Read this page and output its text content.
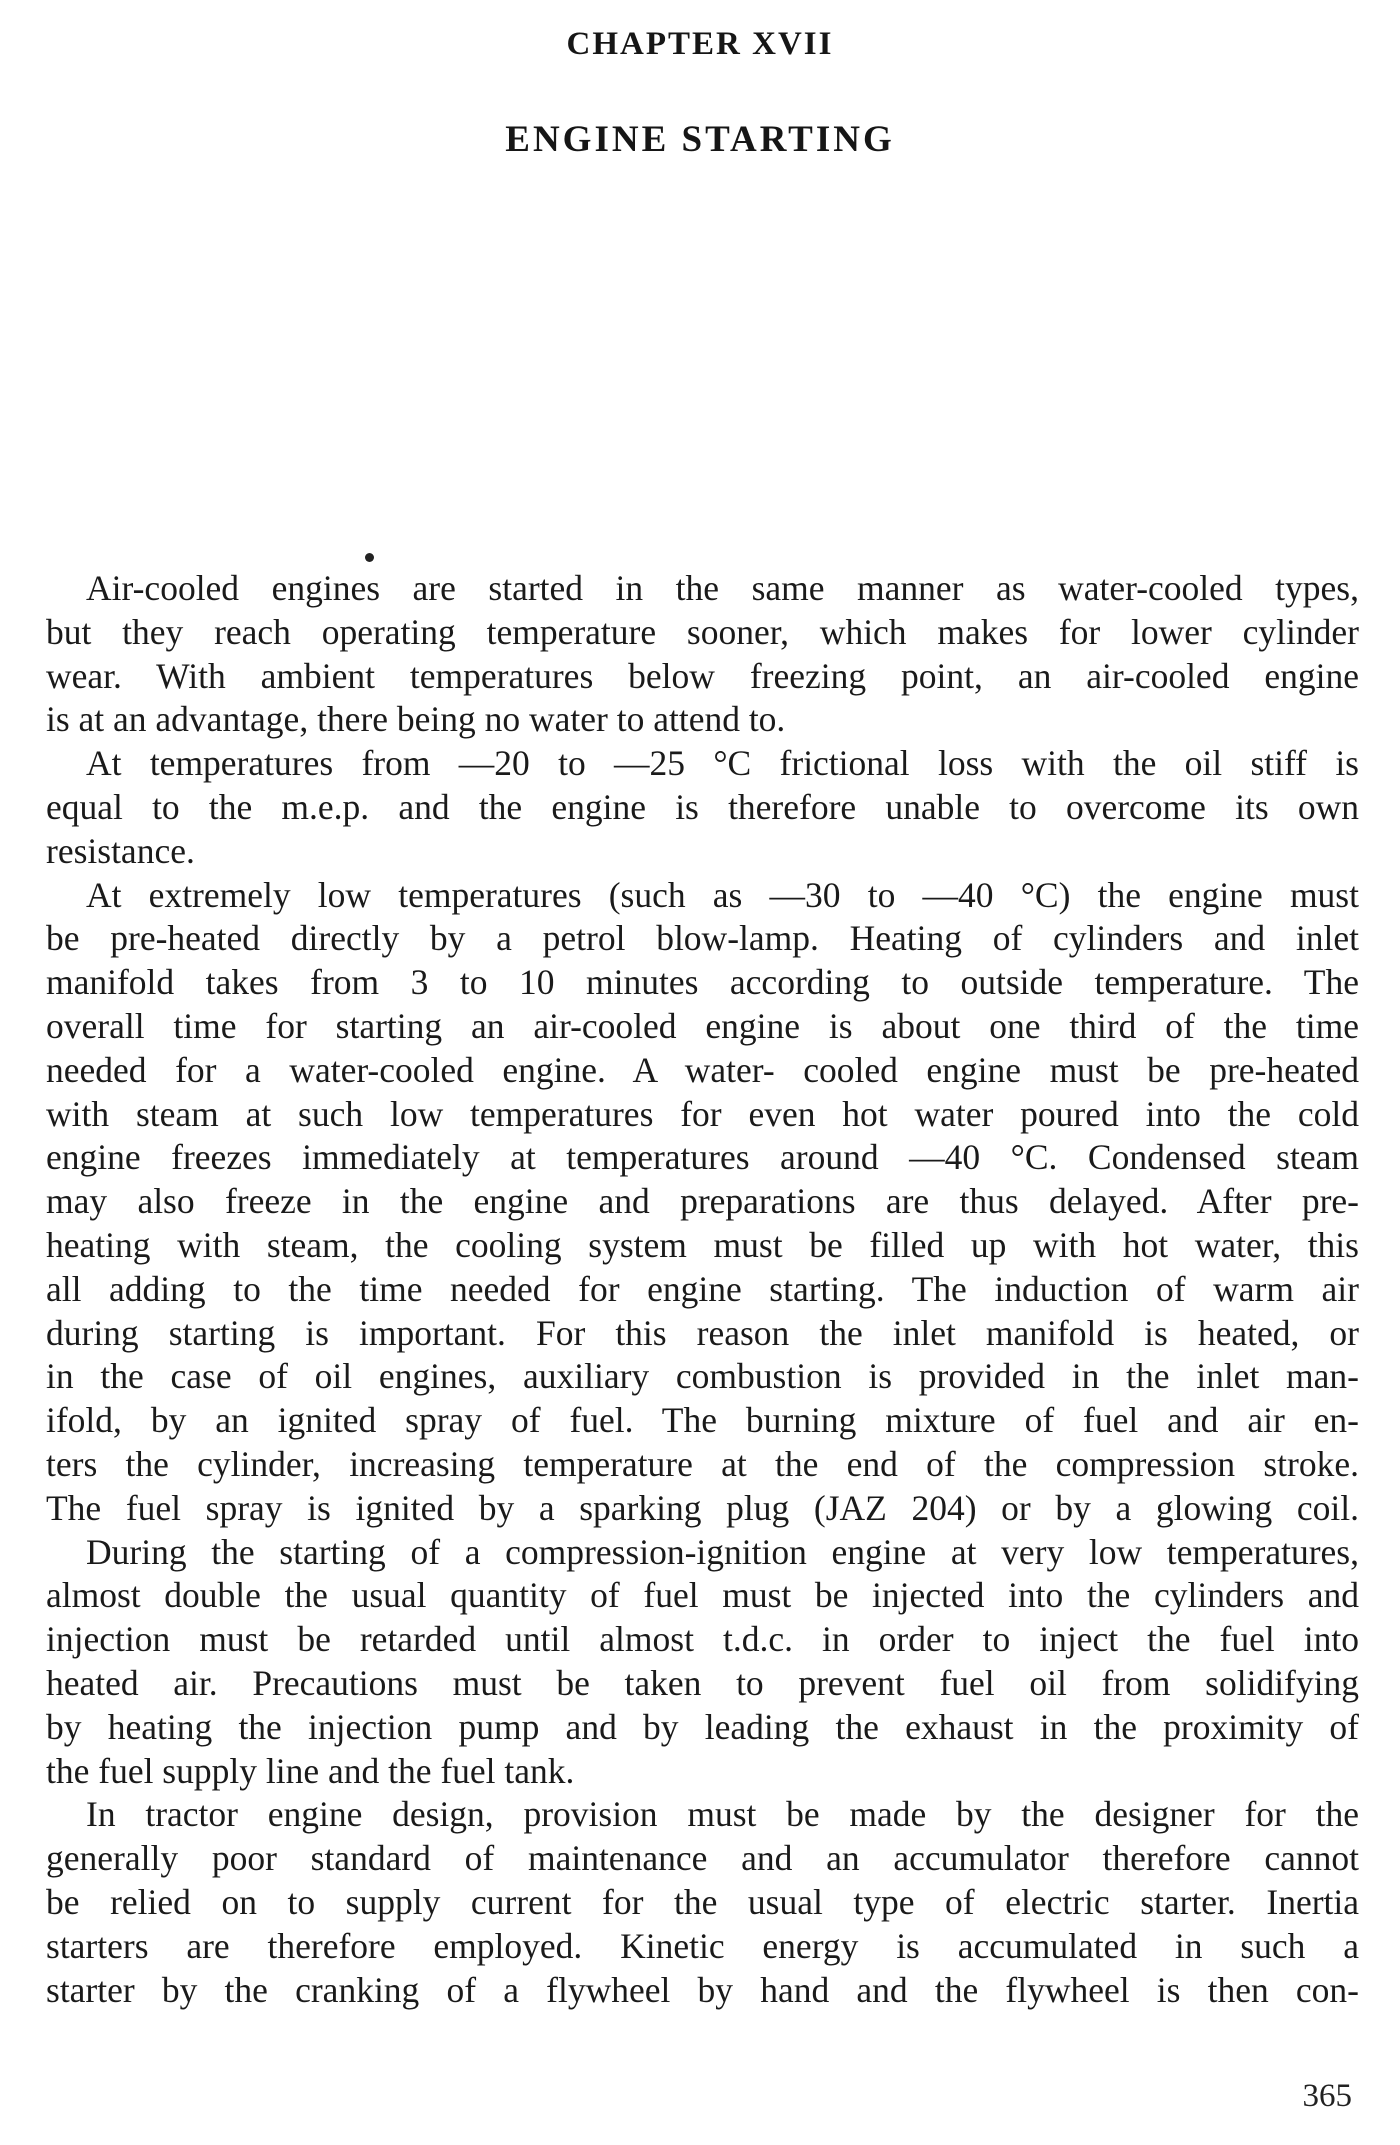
CHAPTER XVII
ENGINE STARTING
Air-cooled engines are started in the same manner as water-cooled types,
but they reach operating temperature sooner, which makes for lower cylinder
wear. With ambient temperatures below freezing point, an air-cooled engine
is at an advantage, there being no water to attend to.
At temperatures from —20 to —25 °C frictional loss with the oil stiff is
equal to the m.e.p. and the engine is therefore unable to overcome its own
resistance.
At extremely low temperatures (such as —30 to —40 °C) the engine must
be pre-heated directly by a petrol blow-lamp. Heating of cylinders and inlet
manifold takes from 3 to 10 minutes according to outside temperature. The
overall time for starting an air-cooled engine is about one third of the time
needed for a water-cooled engine. A water- cooled engine must be pre-heated
with steam at such low temperatures for even hot water poured into the cold
engine freezes immediately at temperatures around —40 °C. Condensed steam
may also freeze in the engine and preparations are thus delayed. After pre-
heating with steam, the cooling system must be filled up with hot water, this
all adding to the time needed for engine starting. The induction of warm air
during starting is important. For this reason the inlet manifold is heated, or
in the case of oil engines, auxiliary combustion is provided in the inlet man-
ifold, by an ignited spray of fuel. The burning mixture of fuel and air en-
ters the cylinder, increasing temperature at the end of the compression stroke.
The fuel spray is ignited by a sparking plug (JAZ 204) or by a glowing coil.
During the starting of a compression-ignition engine at very low temperatures,
almost double the usual quantity of fuel must be injected into the cylinders and
injection must be retarded until almost t.d.c. in order to inject the fuel into
heated air. Precautions must be taken to prevent fuel oil from solidifying
by heating the injection pump and by leading the exhaust in the proximity of
the fuel supply line and the fuel tank.
In tractor engine design, provision must be made by the designer for the
generally poor standard of maintenance and an accumulator therefore cannot
be relied on to supply current for the usual type of electric starter. Inertia
starters are therefore employed. Kinetic energy is accumulated in such a
starter by the cranking of a flywheel by hand and the flywheel is then con-
365
